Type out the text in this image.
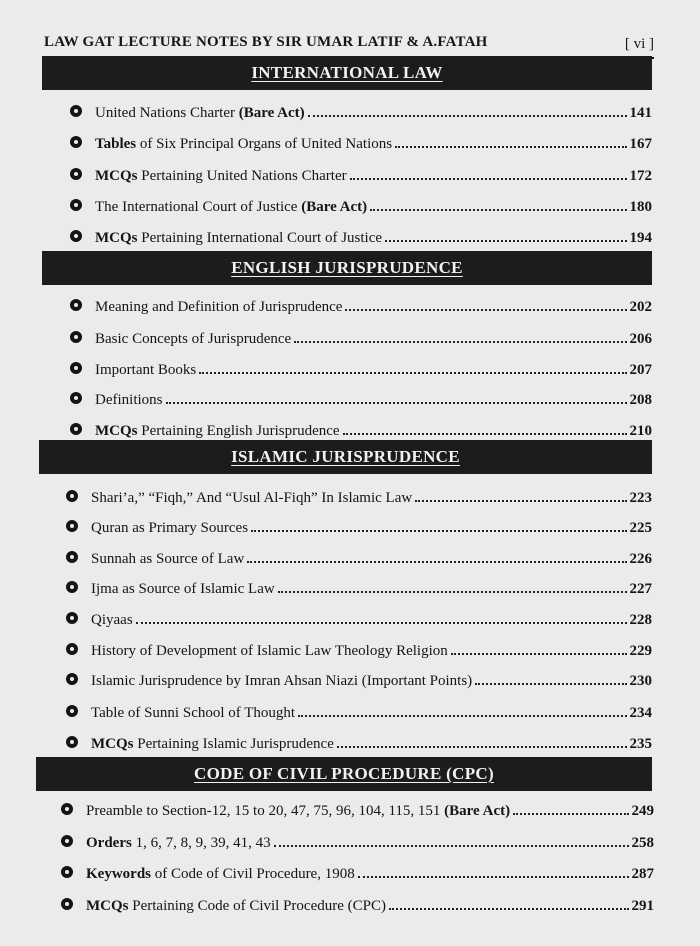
LAW GAT LECTURE NOTES BY SIR UMAR LATIF & A.FATAH	[ vi ]
INTERNATIONAL LAW
United Nations Charter (Bare Act)	141
Tables of Six Principal Organs of United Nations	167
MCQs Pertaining United Nations Charter	172
The International Court of Justice (Bare Act)	180
MCQs Pertaining International Court of Justice	194
ENGLISH JURISPRUDENCE
Meaning and Definition of Jurisprudence	202
Basic Concepts of Jurisprudence	206
Important Books	207
Definitions	208
MCQs Pertaining English Jurisprudence	210
ISLAMIC JURISPRUDENCE
Shari’a,” “Fiqh,” And “Usul Al-Fiqh” In Islamic Law	223
Quran as Primary Sources	225
Sunnah as Source of Law	226
Ijma as Source of Islamic Law	227
Qiyaas	228
History of Development of Islamic Law Theology Religion	229
Islamic Jurisprudence by Imran Ahsan Niazi (Important Points)	230
Table of Sunni School of Thought	234
MCQs Pertaining Islamic Jurisprudence	235
CODE OF CIVIL PROCEDURE (CPC)
Preamble to Section-12, 15 to 20, 47, 75, 96, 104, 115, 151 (Bare Act)	249
Orders 1, 6, 7, 8, 9, 39, 41, 43	258
Keywords of Code of Civil Procedure, 1908	287
MCQs Pertaining Code of Civil Procedure (CPC)	291
